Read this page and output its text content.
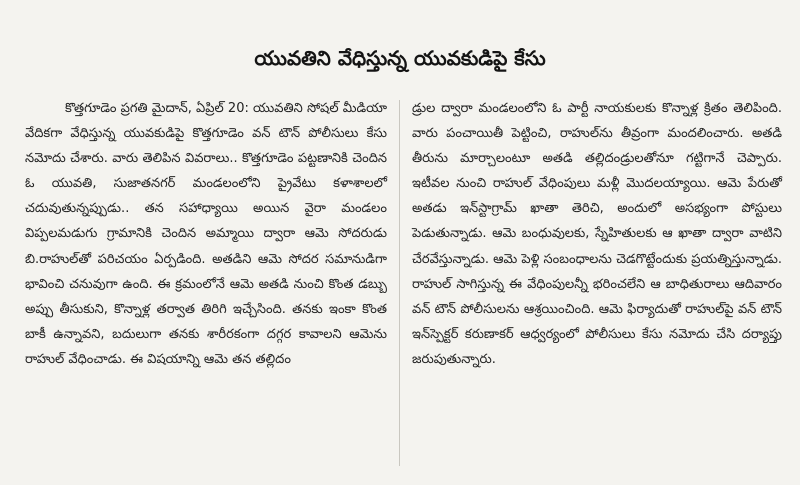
యువతిని వేధిస్తున్న యువకుడిపై కేసు

కొత్తగూడెం ప్రగతి మైదాన్, ఏప్రిల్ 20: యువతిని సోషల్ మీడియా వేదికగా వేధిస్తున్న యువకుడిపై కొత్తగూడెం వన్ టౌన్ పోలీసులు కేసు నమోదు చేశారు. వారు తెలిపిన వివరాలు.. కొత్తగూడెం పట్టణానికి చెందిన ఓ యువతి, సుజాతనగర్ మండలంలోని ప్రైవేటు కళాశాలలో చదువుతున్నప్పుడు.. తన సహాధ్యాయి అయిన వైరా మండలం విప్పలమడుగు గ్రామానికి చెందిన అమ్మాయి ద్వారా ఆమె సోదరుడు బి.రాహుల్‌తో పరిచయం ఏర్పడింది. అతడిని ఆమె సోదర సమానుడిగా భావించి చనువుగా ఉంది. ఈ క్రమంలోనే ఆమె అతడి నుంచి కొంత డబ్బు అప్పు తీసుకుని, కొన్నాళ్ల తర్వాత తిరిగి ఇచ్చేసింది. తనకు ఇంకా కొంత బాకీ ఉన్నావని, బదులుగా తనకు శారీరకంగా దగ్గర కావాలని ఆమెను రాహుల్ వేధించాడు. ఈ విషయాన్ని ఆమె తన తల్లిదం

డ్రుల ద్వారా మండలంలోని ఓ పార్టీ నాయకులకు కొన్నాళ్ల క్రితం తెలిపింది. వారు పంచాయితీ పెట్టించి, రాహుల్‌ను తీవ్రంగా మందలించారు. అతడి తీరును మార్చాలంటూ అతడి తల్లిదండ్రులతోనూ గట్టిగానే చెప్పారు. ఇటీవల నుంచి రాహుల్ వేధింపులు మళ్లీ మొదలయ్యాయి. ఆమె పేరుతో అతడు ఇన్‌స్టాగ్రామ్ ఖాతా తెరిచి, అందులో అసభ్యంగా పోస్టులు పెడుతున్నాడు. ఆమె బంధువులకు, స్నేహితులకు ఆ ఖాతా ద్వారా వాటిని చేరవేస్తున్నాడు. ఆమె పెళ్లి సంబంధాలను చెడగొట్టేందుకు ప్రయత్నిస్తున్నాడు. రాహుల్ సాగిస్తున్న ఈ వేధింపులన్నీ భరించలేని ఆ బాధితురాలు ఆదివారం వన్ టౌన్ పోలీసులను ఆశ్రయించింది. ఆమె ఫిర్యాదుతో రాహుల్‌పై వన్ టౌన్ ఇన్‌స్పెక్టర్ కరుణాకర్ ఆధ్వర్యంలో పోలీసులు కేసు నమోదు చేసి దర్యాప్తు జరుపుతున్నారు.
